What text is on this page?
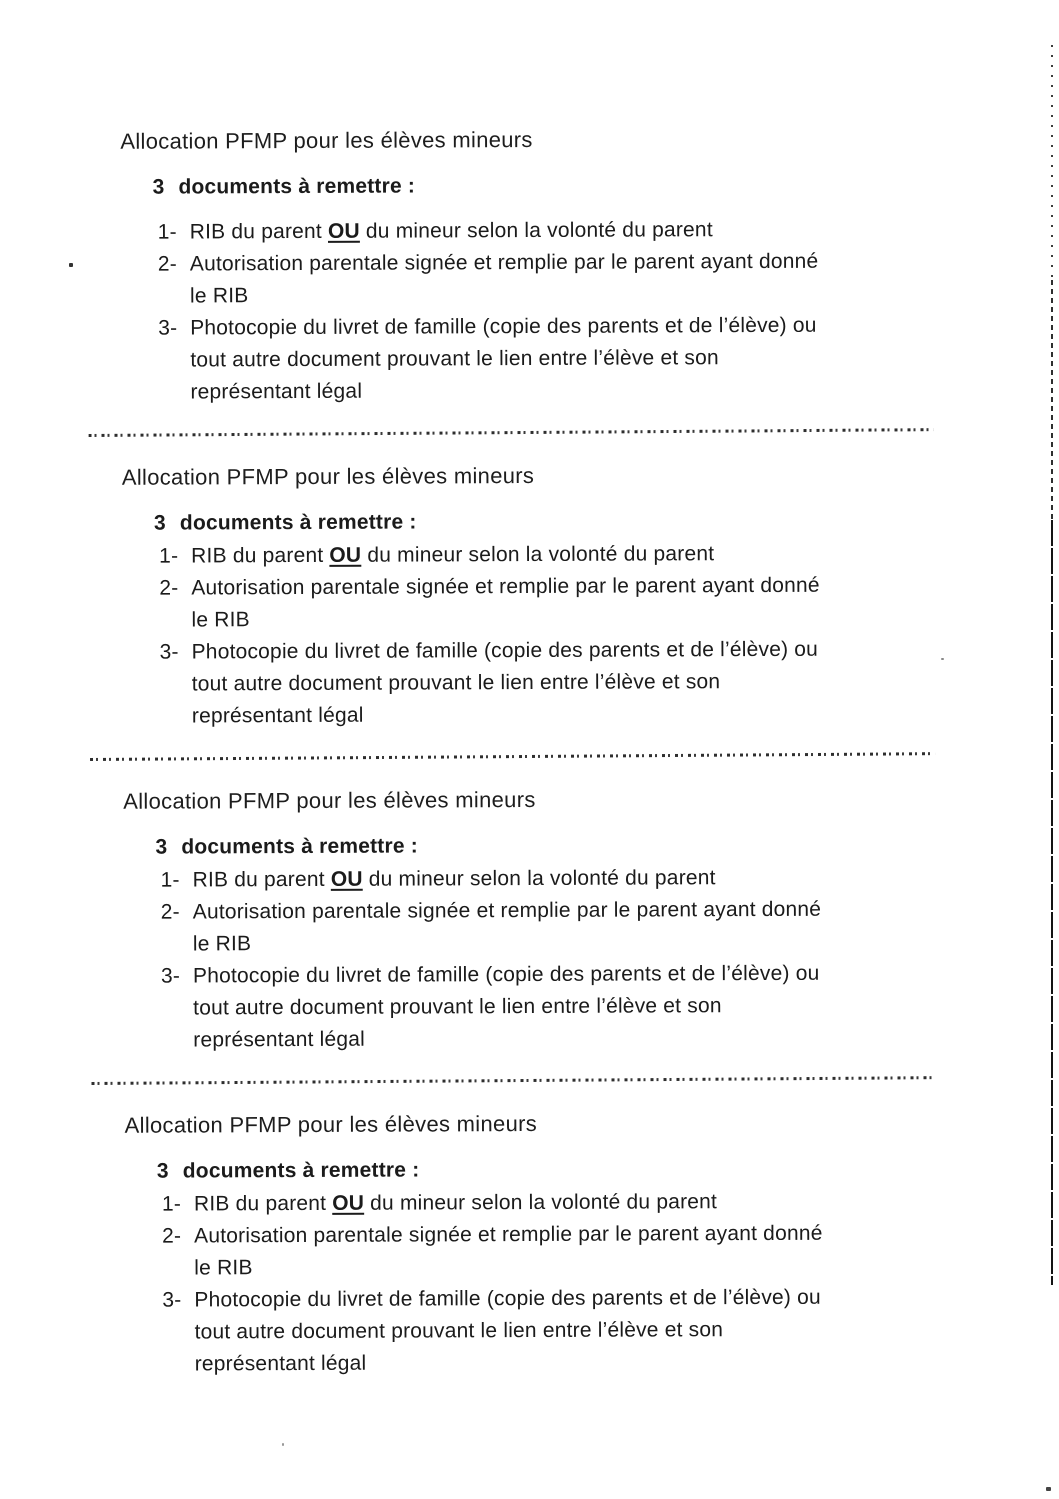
Allocation PFMP pour les élèves mineurs
3 documents à remettre :
1- RIB du parent OU du mineur selon la volonté du parent
2- Autorisation parentale signée et remplie par le parent ayant donné
le RIB
3- Photocopie du livret de famille (copie des parents et de l’élève) ou
tout autre document prouvant le lien entre l’élève et son
représentant légal
Allocation PFMP pour les élèves mineurs
3 documents à remettre :
1- RIB du parent OU du mineur selon la volonté du parent
2- Autorisation parentale signée et remplie par le parent ayant donné
le RIB
3- Photocopie du livret de famille (copie des parents et de l’élève) ou
tout autre document prouvant le lien entre l’élève et son
représentant légal
Allocation PFMP pour les élèves mineurs
3 documents à remettre :
1- RIB du parent OU du mineur selon la volonté du parent
2- Autorisation parentale signée et remplie par le parent ayant donné
le RIB
3- Photocopie du livret de famille (copie des parents et de l’élève) ou
tout autre document prouvant le lien entre l’élève et son
représentant légal
Allocation PFMP pour les élèves mineurs
3 documents à remettre :
1- RIB du parent OU du mineur selon la volonté du parent
2- Autorisation parentale signée et remplie par le parent ayant donné
le RIB
3- Photocopie du livret de famille (copie des parents et de l’élève) ou
tout autre document prouvant le lien entre l’élève et son
représentant légal
